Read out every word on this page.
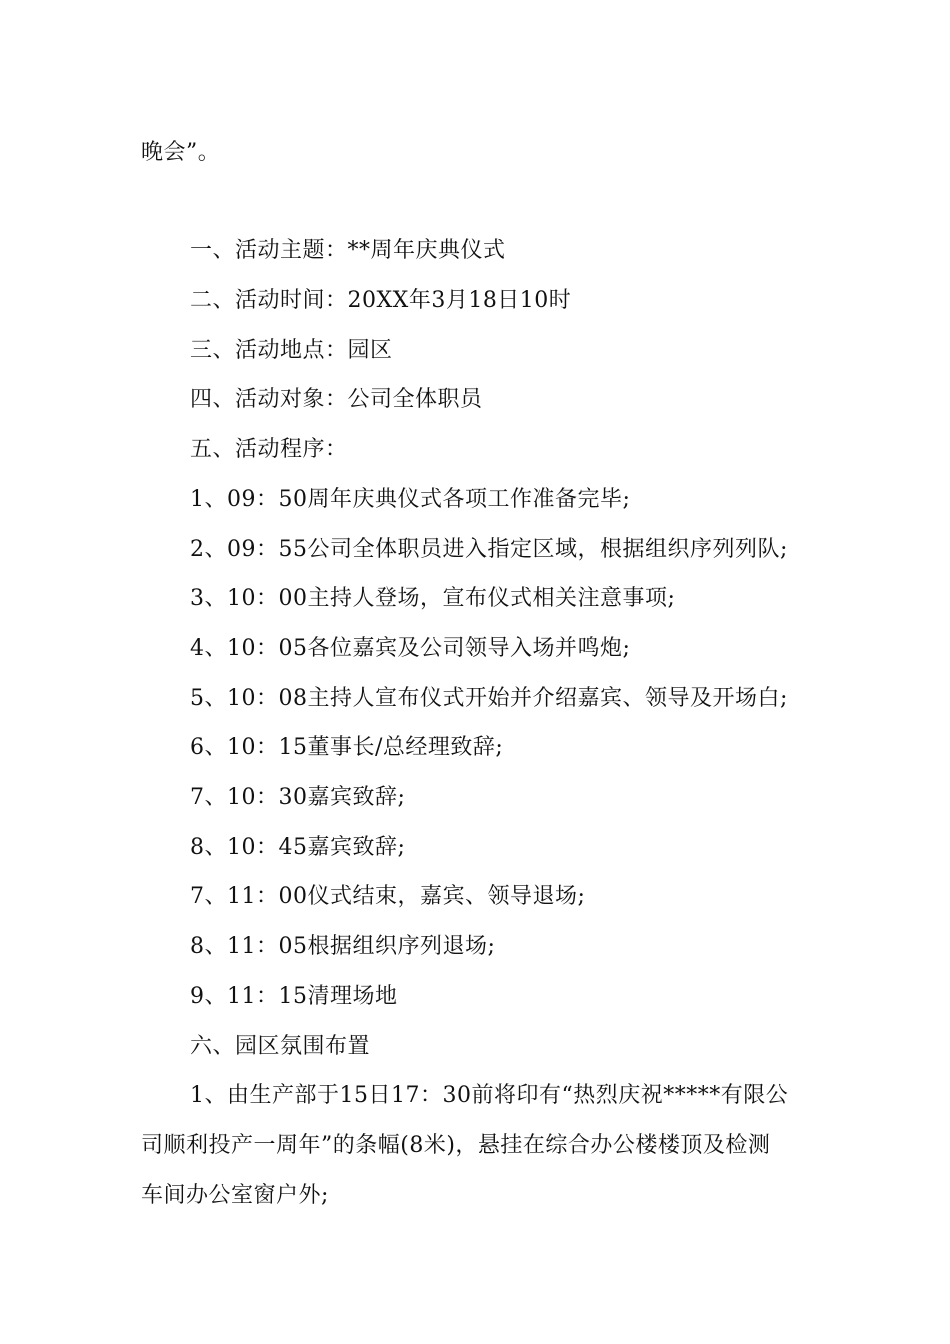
晚会”。
一、活动主题：**周年庆典仪式
二、活动时间：20XX年3月18日10时
三、活动地点：园区
四、活动对象：公司全体职员
五、活动程序：
1、09：50周年庆典仪式各项工作准备完毕;
2、09：55公司全体职员进入指定区域，根据组织序列列队;
3、10：00主持人登场，宣布仪式相关注意事项;
4、10：05各位嘉宾及公司领导入场并鸣炮;
5、10：08主持人宣布仪式开始并介绍嘉宾、领导及开场白;
6、10：15董事长/总经理致辞;
7、10：30嘉宾致辞;
8、10：45嘉宾致辞;
7、11：00仪式结束，嘉宾、领导退场;
8、11：05根据组织序列退场;
9、11：15清理场地
六、园区氛围布置
1、由生产部于15日17：30前将印有“热烈庆祝*****有限公
司顺利投产一周年”的条幅(8米)，悬挂在综合办公楼楼顶及检测
车间办公室窗户外;
